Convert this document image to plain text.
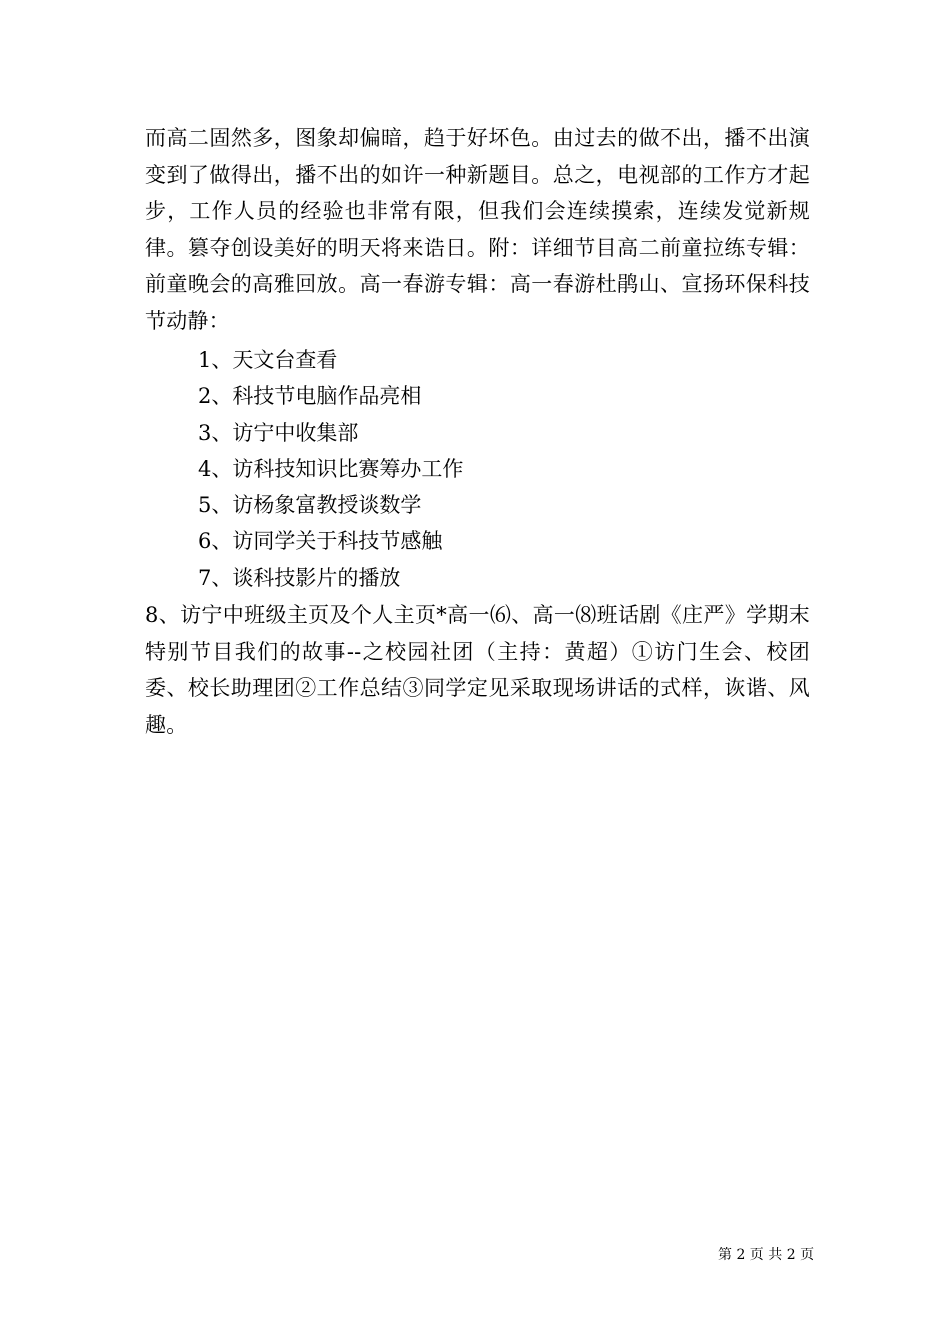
而高二固然多，图象却偏暗，趋于好坏色。由过去的做不出，播不出演变到了做得出，播不出的如许一种新题目。总之，电视部的工作方才起步，工作人员的经验也非常有限，但我们会连续摸索，连续发觉新规律。篡夺创设美好的明天将来诰日。附：详细节目高二前童拉练专辑：前童晚会的高雅回放。高一春游专辑：高一春游杜鹃山、宣扬环保科技节动静：

1、天文台查看
2、科技节电脑作品亮相
3、访宁中收集部
4、访科技知识比赛筹办工作
5、访杨象富教授谈数学
6、访同学关于科技节感触
7、谈科技影片的播放

8、访宁中班级主页及个人主页*高一⑹、高一⑻班话剧《庄严》学期末特别节目我们的故事--之校园社团（主持：黄超）①访门生会、校团委、校长助理团②工作总结③同学定见采取现场讲话的式样，诙谐、风趣。

第 2 页 共 2 页
